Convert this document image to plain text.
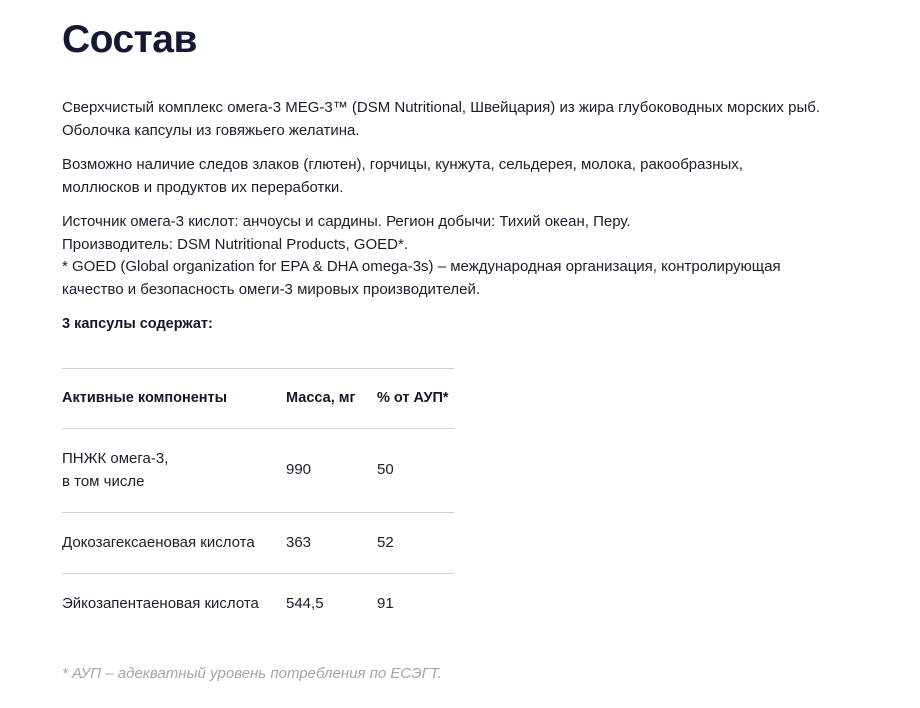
Состав

Сверхчистый комплекс омега-3 MEG-3™ (DSM Nutritional, Швейцария) из жира глубоководных морских рыб.
Оболочка капсулы из говяжьего желатина.

Возможно наличие следов злаков (глютен), горчицы, кунжута, сельдерея, молока, ракообразных,
моллюсков и продуктов их переработки.

Источник омега-3 кислот: анчоусы и сардины. Регион добычи: Тихий океан, Перу.
Производитель: DSM Nutritional Products, GOED*.
* GOED (Global organization for EPA & DHA omega-3s) – международная организация, контролирующая
качество и безопасность омеги-3 мировых производителей.

3 капсулы содержат:

Активные компоненты	Масса, мг	% от АУП*

ПНЖК омега-3,
в том числе	990	50
Докозагексаеновая кислота	363	52
Эйкозапентаеновая кислота	544,5	91
* АУП – адекватный уровень потребления по ЕСЭГТ.
